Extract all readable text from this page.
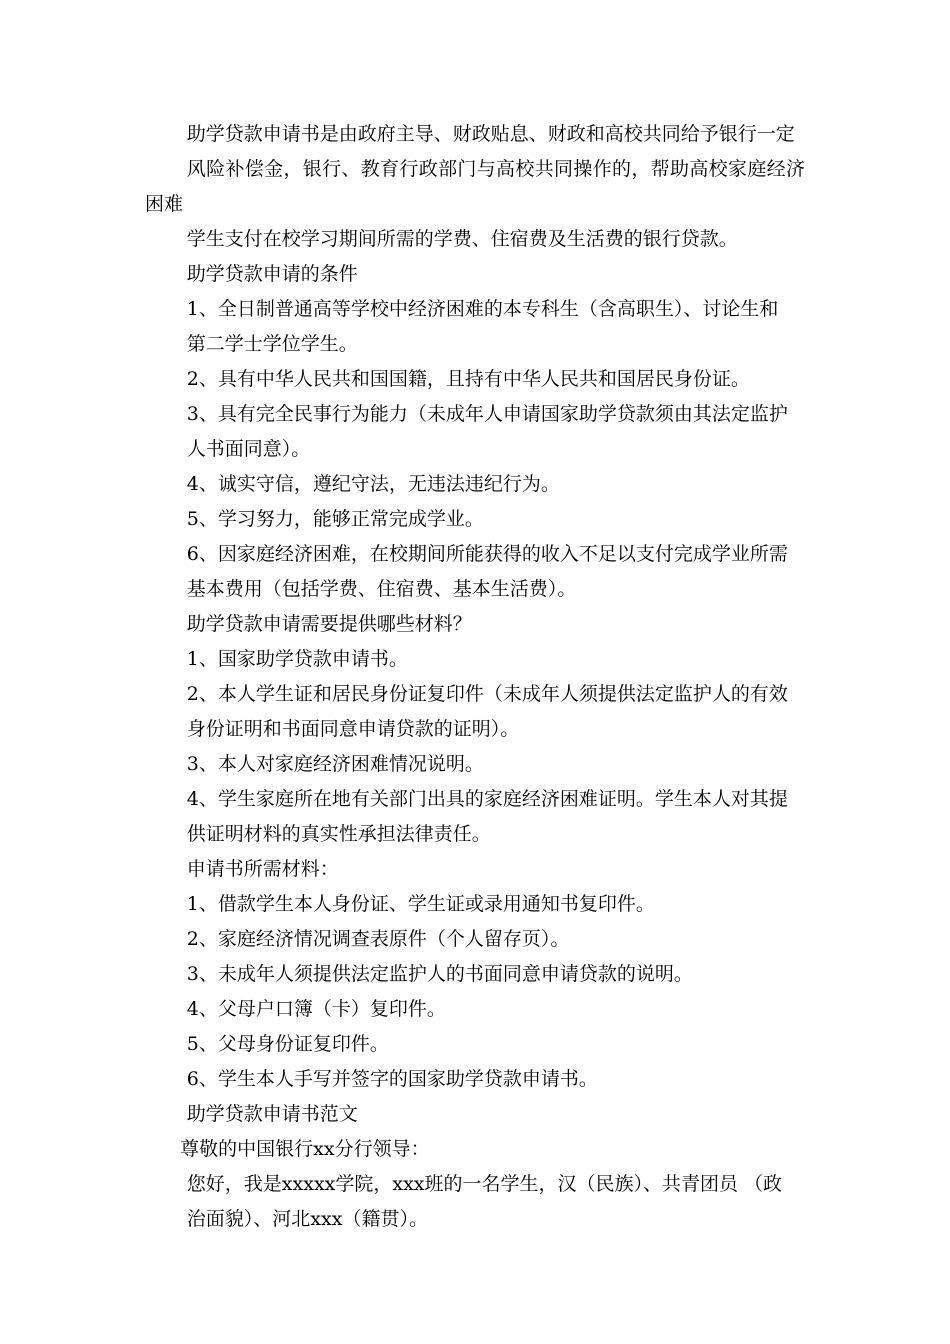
助学贷款申请书是由政府主导、财政贴息、财政和高校共同给予银行一定
风险补偿金，银行、教育行政部门与高校共同操作的，帮助高校家庭经济困难
学生支付在校学习期间所需的学费、住宿费及生活费的银行贷款。

助学贷款申请的条件

1、全日制普通高等学校中经济困难的本专科生（含高职生）、讨论生和
第二学士学位学生。

2、具有中华人民共和国国籍，且持有中华人民共和国居民身份证。

3、具有完全民事行为能力（未成年人申请国家助学贷款须由其法定监护
人书面同意）。

4、诚实守信，遵纪守法，无违法违纪行为。

5、学习努力，能够正常完成学业。

6、因家庭经济困难，在校期间所能获得的收入不足以支付完成学业所需
基本费用（包括学费、住宿费、基本生活费）。

助学贷款申请需要提供哪些材料？

1、国家助学贷款申请书。

2、本人学生证和居民身份证复印件（未成年人须提供法定监护人的有效
身份证明和书面同意申请贷款的证明）。

3、本人对家庭经济困难情况说明。

4、学生家庭所在地有关部门出具的家庭经济困难证明。学生本人对其提
供证明材料的真实性承担法律责任。

申请书所需材料：

1、借款学生本人身份证、学生证或录用通知书复印件。

2、家庭经济情况调查表原件（个人留存页）。

3、未成年人须提供法定监护人的书面同意申请贷款的说明。

4、父母户口簿（卡）复印件。

5、父母身份证复印件。

6、学生本人手写并签字的国家助学贷款申请书。

助学贷款申请书范文

尊敬的中国银行xx分行领导：

您好，我是xxxxx学院，xxx班的一名学生，汉（民族）、共青团员 （政
治面貌）、河北xxx（籍贯）。
